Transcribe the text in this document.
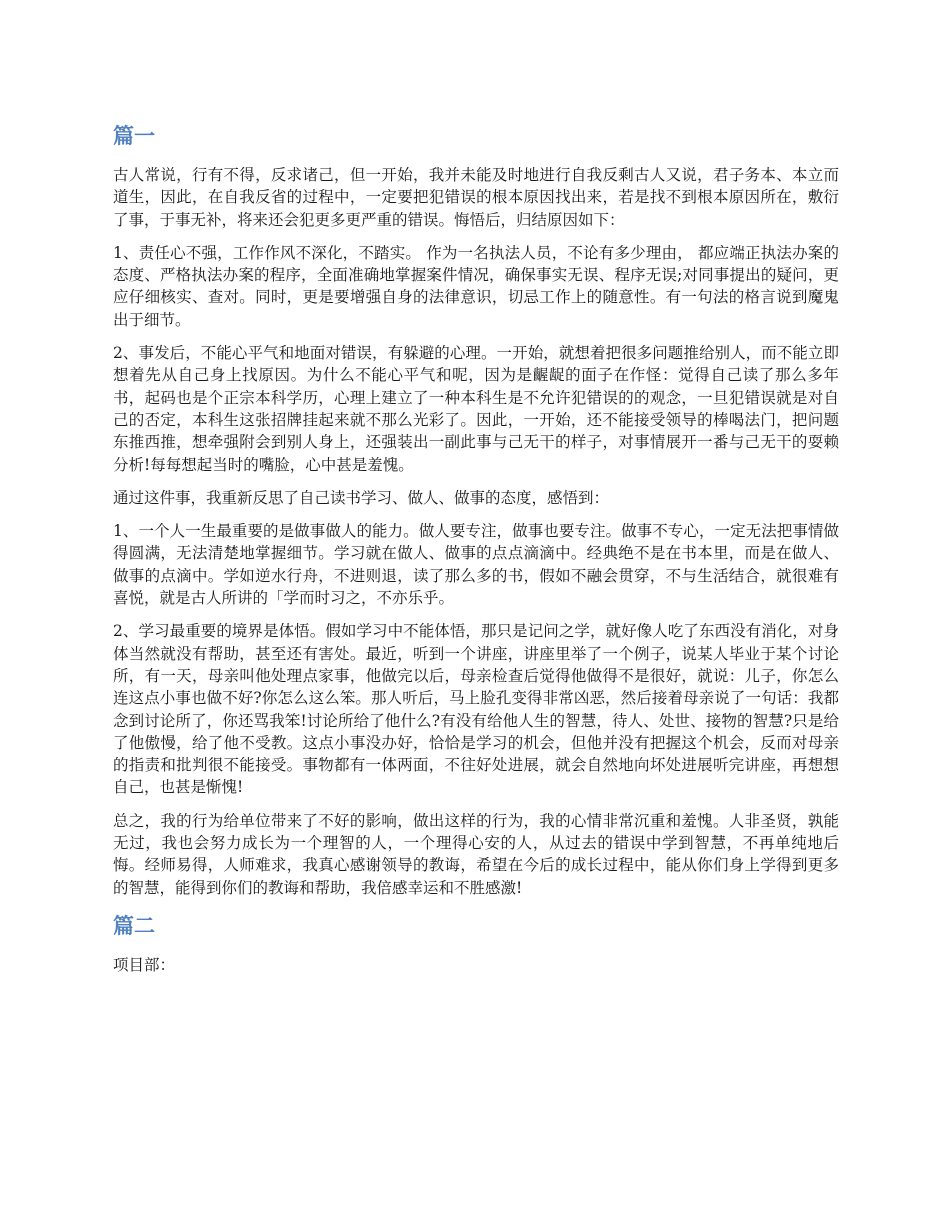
篇一

古人常说，行有不得，反求诸己，但一开始，我并未能及时地进行自我反剩古人又说，君子务本、本立而道生，因此，在自我反省的过程中，一定要把犯错误的根本原因找出来，若是找不到根本原因所在，敷衍了事，于事无补，将来还会犯更多更严重的错误。悔悟后，归结原因如下：

1、责任心不强，工作作风不深化，不踏实。 作为一名执法人员，不论有多少理由， 都应端正执法办案的态度、严格执法办案的程序，全面准确地掌握案件情况，确保事实无误、程序无误;对同事提出的疑问，更应仔细核实、查对。同时，更是要增强自身的法律意识，切忌工作上的随意性。有一句法的格言说到魔鬼出于细节。

2、事发后，不能心平气和地面对错误，有躲避的心理。一开始，就想着把很多问题推给别人，而不能立即想着先从自己身上找原因。为什么不能心平气和呢，因为是齷龊的面子在作怪：觉得自己读了那么多年书，起码也是个正宗本科学历，心理上建立了一种本科生是不允许犯错误的的观念，一旦犯错误就是对自己的否定，本科生这张招牌挂起来就不那么光彩了。因此，一开始，还不能接受领导的棒喝法门，把问题东推西推，想牵强附会到别人身上，还强装出一副此事与己无干的样子，对事情展开一番与己无干的耍赖分析!每每想起当时的嘴脸，心中甚是羞愧。

通过这件事，我重新反思了自己读书学习、做人、做事的态度，感悟到：

1、一个人一生最重要的是做事做人的能力。做人要专注，做事也要专注。做事不专心，一定无法把事情做得圆满，无法清楚地掌握细节。学习就在做人、做事的点点滴滴中。经典绝不是在书本里，而是在做人、做事的点滴中。学如逆水行舟，不进则退，读了那么多的书，假如不融会贯穿，不与生活结合，就很难有喜悦，就是古人所讲的「学而时习之，不亦乐乎。

2、学习最重要的境界是体悟。假如学习中不能体悟，那只是记问之学，就好像人吃了东西没有消化，对身体当然就没有帮助，甚至还有害处。最近，听到一个讲座，讲座里举了一个例子，说某人毕业于某个讨论所，有一天，母亲叫他处理点家事，他做完以后，母亲检查后觉得他做得不是很好，就说：儿子，你怎么连这点小事也做不好?你怎么这么笨。那人听后，马上脸孔变得非常凶恶，然后接着母亲说了一句话：我都念到讨论所了，你还骂我笨!讨论所给了他什么?有没有给他人生的智慧，待人、处世、接物的智慧?只是给了他傲慢，给了他不受教。这点小事没办好，恰恰是学习的机会，但他并没有把握这个机会，反而对母亲的指责和批判很不能接受。事物都有一体两面，不往好处进展，就会自然地向坏处进展听完讲座，再想想自己，也甚是惭愧!

总之，我的行为给单位带来了不好的影响，做出这样的行为，我的心情非常沉重和羞愧。人非圣贤，孰能无过，我也会努力成长为一个理智的人，一个理得心安的人，从过去的错误中学到智慧，不再单纯地后悔。经师易得，人师难求，我真心感谢领导的教诲，希望在今后的成长过程中，能从你们身上学得到更多的智慧，能得到你们的教诲和帮助，我倍感幸运和不胜感激!

篇二

项目部：
